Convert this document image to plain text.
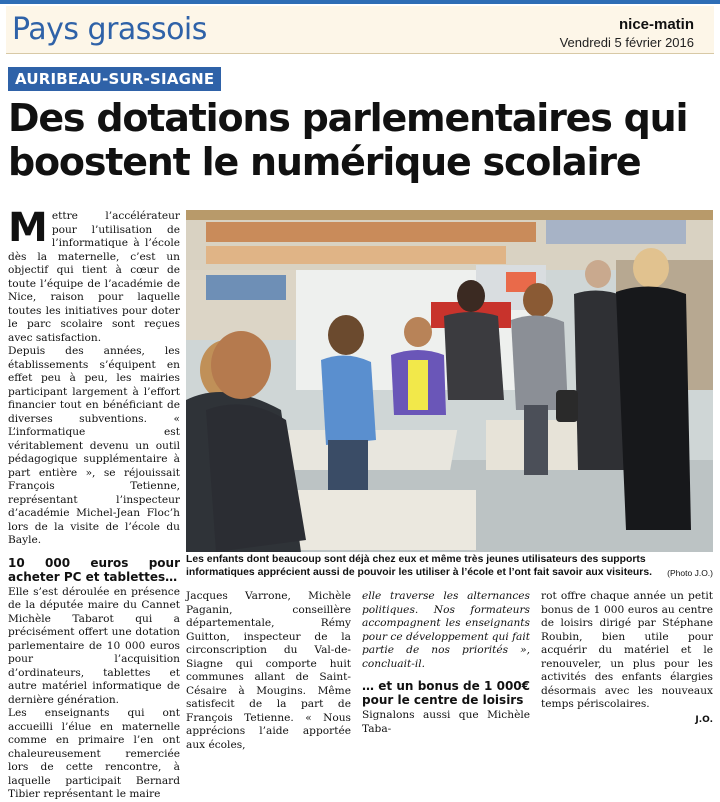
Pays grassois	nice-matin
Vendredi 5 février 2016
AURIBEAU-SUR-SIAGNE
Des dotations parlementaires qui boostent le numérique scolaire
M ettre l’accélérateur pour l’utilisation de l’informatique à l’école dès la maternelle, c’est un objectif qui tient à cœur de toute l’équipe de l’académie de Nice, raison pour laquelle toutes les initiatives pour doter le parc scolaire sont reçues avec satisfaction.

Depuis des années, les établissements s’équipent en effet peu à peu, les mairies participant largement à l’effort financier tout en bénéficiant de diverses subventions. « L’informatique est véritablement devenu un outil pédagogique supplémentaire à part entière », se réjouissait François Tetienne, représentant l’inspecteur d’académie Michel-Jean Floc’h lors de la visite de l’école du Bayle.

10 000 euros pour acheter PC et tablettes…

Elle s’est déroulée en présence de la députée maire du Cannet Michèle Tabarot qui a précisément offert une dotation parlementaire de 10 000 euros pour l’acquisition d’ordinateurs, tablettes et autre matériel informatique de dernière génération.

Les enseignants qui ont accueilli l’élue en maternelle comme en primaire l’en ont chaleureusement remerciée lors de cette rencontre, à laquelle participait Bernard Tibier représentant le maire

Les enfants dont beaucoup sont déjà chez eux et même très jeunes utilisateurs des supports informatiques apprécient aussi de pouvoir les utiliser à l’école et l’ont fait savoir aux visiteurs. (Photo J.O.)

Jacques Varrone, Michèle Paganin, conseillère départementale, Rémy Guitton, inspecteur de la circonscription du Val-de-Siagne qui comporte huit communes allant de Saint-Césaire à Mougins. Même satisfecit de la part de François Tetienne. « Nous apprécions l’aide apportée aux écoles,

elle traverse les alternances politiques. Nos formateurs accompagnent les enseignants pour ce développement qui fait partie de nos priorités », concluait-il.

… et un bonus de 1 000€ pour le centre de loisirs

Signalons aussi que Michèle Taba-

rot offre chaque année un petit bonus de 1 000 euros au centre de loisirs dirigé par Stéphane Roubin, bien utile pour acquérir du matériel et le renouveler, un plus pour les activités des enfants élargies désormais avec les nouveaux temps périscolaires.

J.O.
